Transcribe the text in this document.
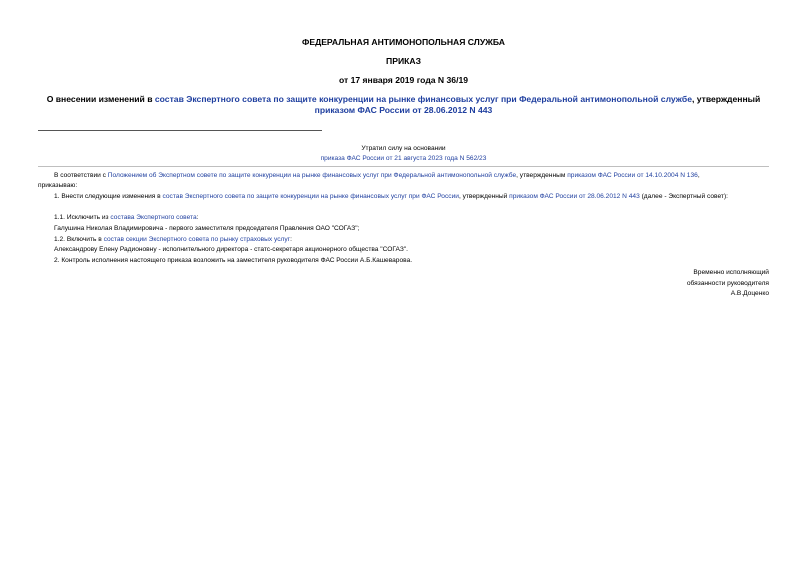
ФЕДЕРАЛЬНАЯ АНТИМОНОПОЛЬНАЯ СЛУЖБА
ПРИКАЗ
от 17 января 2019 года N 36/19
О внесении изменений в состав Экспертного совета по защите конкуренции на рынке финансовых услуг при Федеральной антимонопольной службе, утвержденный приказом ФАС России от 28.06.2012 N 443
Утратил силу на основании
приказа ФАС России от 21 августа 2023 года N 562/23
В соответствии с Положением об Экспертном совете по защите конкуренции на рынке финансовых услуг при Федеральной антимонопольной службе, утвержденным приказом ФАС России от 14.10.2004 N 136,
приказываю:
1. Внести следующие изменения в состав Экспертного совета по защите конкуренции на рынке финансовых услуг при ФАС России, утвержденный приказом ФАС России от 28.06.2012 N 443 (далее - Экспертный совет):
1.1. Исключить из состава Экспертного совета:
Галушина Николая Владимировича - первого заместителя председателя Правления ОАО "СОГАЗ";
1.2. Включить в состав секции Экспертного совета по рынку страховых услуг:
Александрову Елену Радионовну - исполнительного директора - статс-секретаря акционерного общества "СОГАЗ".
2. Контроль исполнения настоящего приказа возложить на заместителя руководителя ФАС России А.Б.Кашеварова.
Временно исполняющий
обязанности руководителя
А.В.Доценко
